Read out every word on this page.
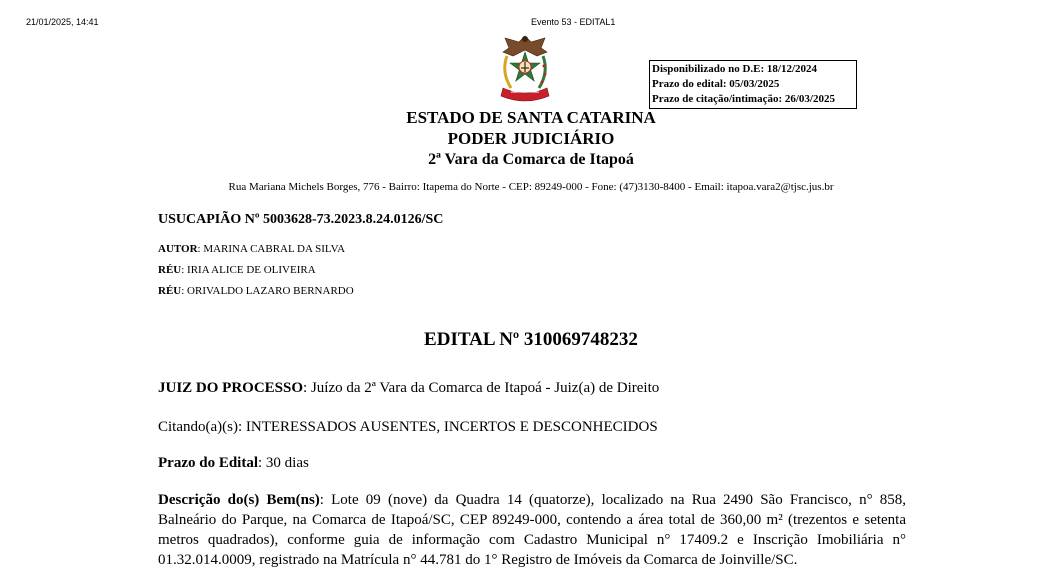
21/01/2025, 14:41	Evento 53 - EDITAL1
Disponibilizado no D.E: 18/12/2024
Prazo do edital: 05/03/2025
Prazo de citação/intimação: 26/03/2025
ESTADO DE SANTA CATARINA
PODER JUDICIÁRIO
2ª Vara da Comarca de Itapoá
Rua Mariana Michels Borges, 776 - Bairro: Itapema do Norte - CEP: 89249-000 - Fone: (47)3130-8400 - Email: itapoa.vara2@tjsc.jus.br
USUCAPIÃO Nº 5003628-73.2023.8.24.0126/SC
AUTOR: MARINA CABRAL DA SILVA
RÉU: IRIA ALICE DE OLIVEIRA
RÉU: ORIVALDO LAZARO BERNARDO
EDITAL Nº 310069748232
JUIZ DO PROCESSO: Juízo da 2ª Vara da Comarca de Itapoá - Juiz(a) de Direito
Citando(a)(s): INTERESSADOS AUSENTES, INCERTOS E DESCONHECIDOS
Prazo do Edital: 30 dias
Descrição do(s) Bem(ns): Lote 09 (nove) da Quadra 14 (quatorze), localizado na Rua 2490 São Francisco, n° 858, Balneário do Parque, na Comarca de Itapoá/SC, CEP 89249-000, contendo a área total de 360,00 m² (trezentos e setenta metros quadrados), conforme guia de informação com Cadastro Municipal n° 17409.2 e Inscrição Imobiliária n° 01.32.014.0009, registrado na Matrícula n° 44.781 do 1° Registro de Imóveis da Comarca de Joinville/SC.
